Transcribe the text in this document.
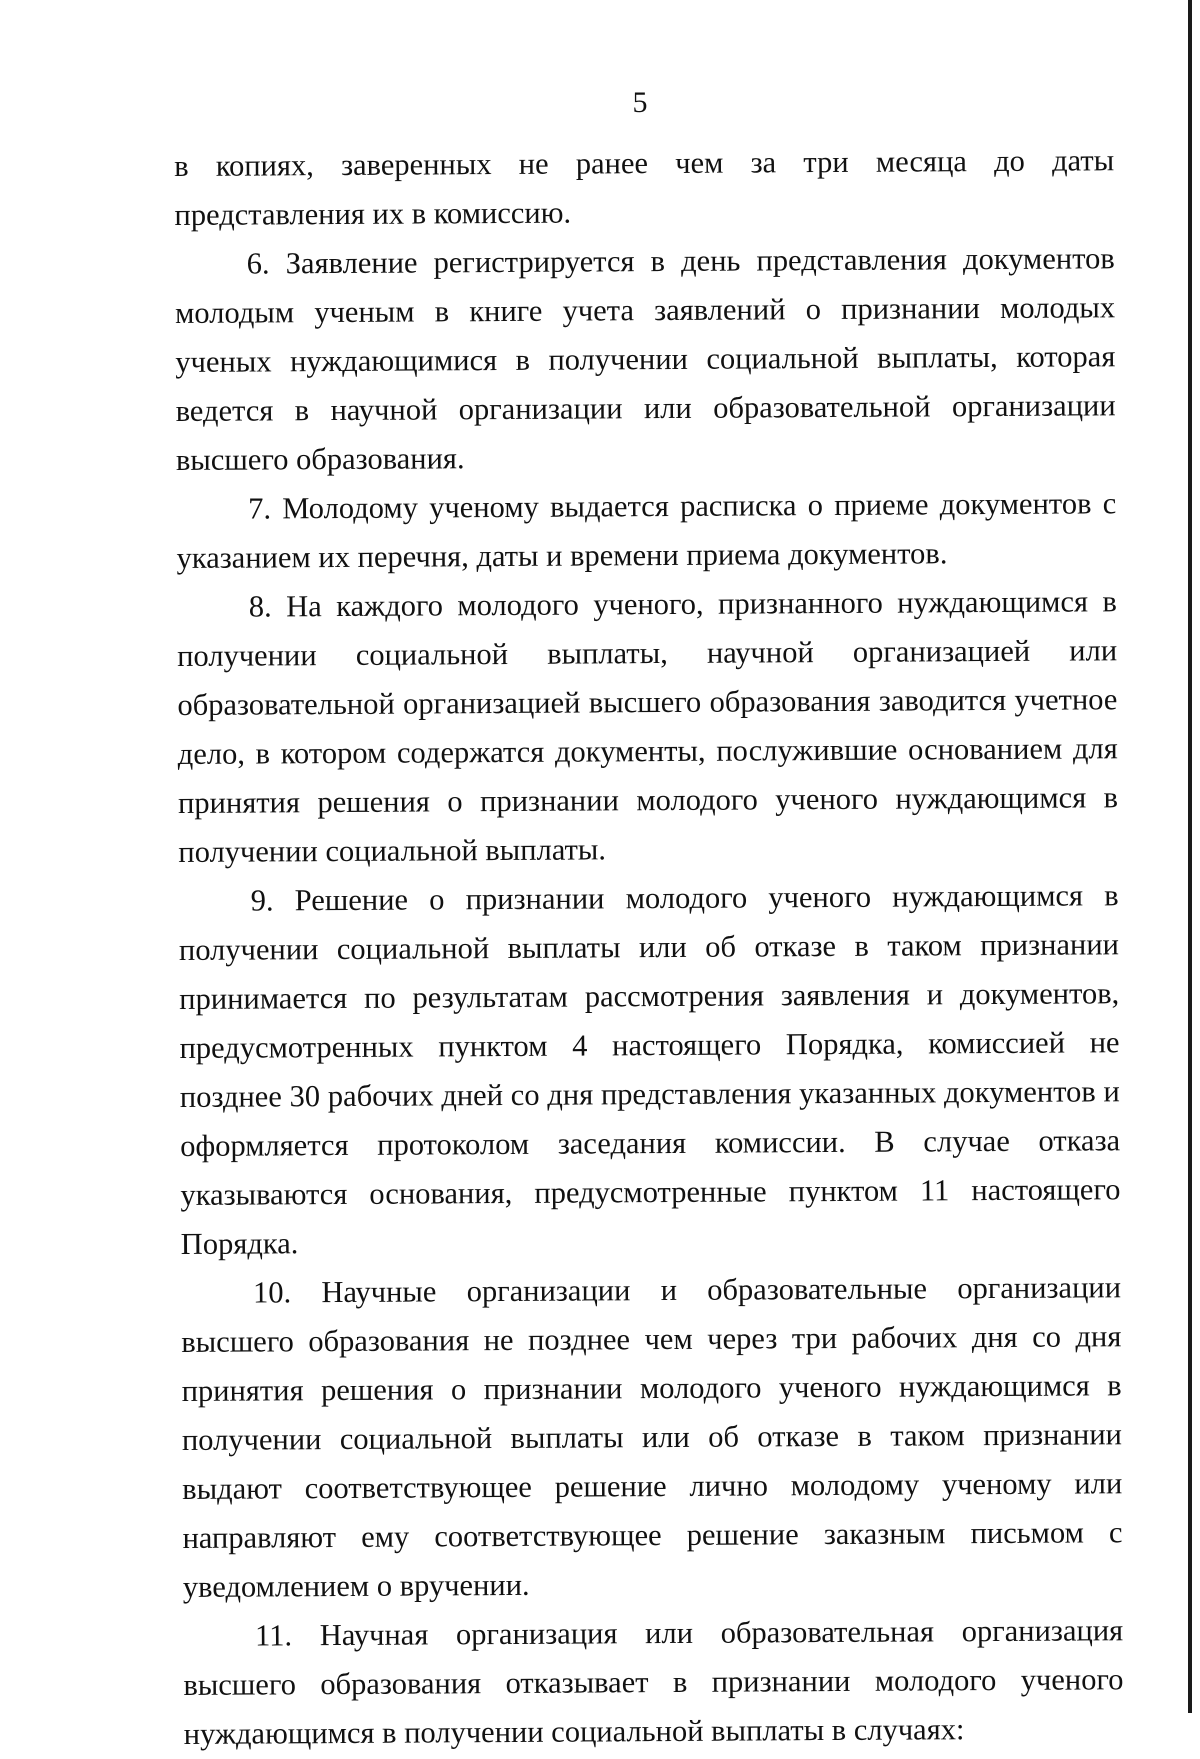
5

в копиях, заверенных не ранее чем за три месяца до даты представления их в комиссию.

6. Заявление регистрируется в день представления документов молодым ученым в книге учета заявлений о признании молодых ученых нуждающимися в получении социальной выплаты, которая ведется в научной организации или образовательной организации высшего образования.

7. Молодому ученому выдается расписка о приеме документов с указанием их перечня, даты и времени приема документов.

8. На каждого молодого ученого, признанного нуждающимся в получении социальной выплаты, научной организацией или образовательной организацией высшего образования заводится учетное дело, в котором содержатся документы, послужившие основанием для принятия решения о признании молодого ученого нуждающимся в получении социальной выплаты.

9. Решение о признании молодого ученого нуждающимся в получении социальной выплаты или об отказе в таком признании принимается по результатам рассмотрения заявления и документов, предусмотренных пунктом 4 настоящего Порядка, комиссией не позднее 30 рабочих дней со дня представления указанных документов и оформляется протоколом заседания комиссии. В случае отказа указываются основания, предусмотренные пунктом 11 настоящего Порядка.

10. Научные организации и образовательные организации высшего образования не позднее чем через три рабочих дня со дня принятия решения о признании молодого ученого нуждающимся в получении социальной выплаты или об отказе в таком признании выдают соответствующее решение лично молодому ученому или направляют ему соответствующее решение заказным письмом с уведомлением о вручении.

11. Научная организация или образовательная организация высшего образования отказывает в признании молодого ученого нуждающимся в получении социальной выплаты в случаях:
